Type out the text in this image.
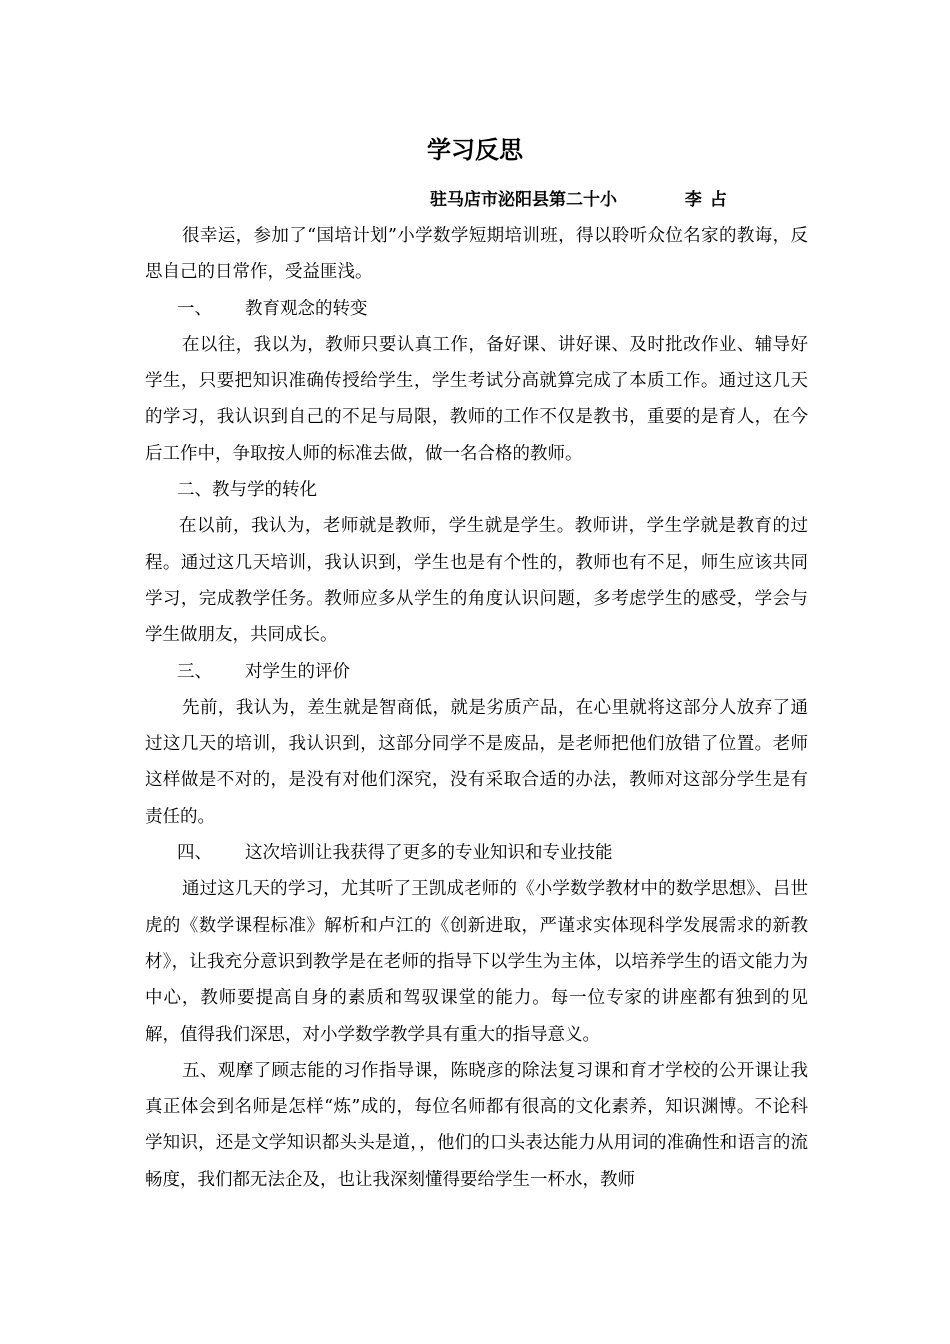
学习反思
驻马店市泌阳县第二十小	李占

很幸运，参加了“国培计划”小学数学短期培训班，得以聆听众位名家的教诲，反思自己的日常作，受益匪浅。

一、 教育观念的转变

在以往，我以为，教师只要认真工作，备好课、讲好课、及时批改作业、辅导好学生，只要把知识准确传授给学生，学生考试分高就算完成了本质工作。通过这几天的学习，我认识到自己的不足与局限，教师的工作不仅是教书，重要的是育人，在今后工作中，争取按人师的标准去做，做一名合格的教师。

二、教与学的转化

在以前，我认为，老师就是教师，学生就是学生。教师讲，学生学就是教育的过程。通过这几天培训，我认识到，学生也是有个性的，教师也有不足，师生应该共同学习，完成教学任务。教师应多从学生的角度认识问题，多考虑学生的感受，学会与学生做朋友，共同成长。

三、 对学生的评价

先前，我认为，差生就是智商低，就是劣质产品，在心里就将这部分人放弃了通过这几天的培训，我认识到，这部分同学不是废品，是老师把他们放错了位置。老师这样做是不对的，是没有对他们深究，没有采取合适的办法，教师对这部分学生是有责任的。

四、 这次培训让我获得了更多的专业知识和专业技能

通过这几天的学习，尤其听了王凯成老师的《小学数学教材中的数学思想》、吕世虎的《数学课程标准》解析和卢江的《创新进取，严谨求实体现科学发展需求的新教材》，让我充分意识到教学是在老师的指导下以学生为主体，以培养学生的语文能力为中心，教师要提高自身的素质和驾驭课堂的能力。每一位专家的讲座都有独到的见解，值得我们深思，对小学数学教学具有重大的指导意义。

五、观摩了顾志能的习作指导课，陈晓彦的除法复习课和育才学校的公开课让我真正体会到名师是怎样“炼”成的，每位名师都有很高的文化素养，知识渊博。不论科学知识，还是文学知识都头头是道，，他们的口头表达能力从用词的准确性和语言的流畅度，我们都无法企及，也让我深刻懂得要给学生一杯水，教师
